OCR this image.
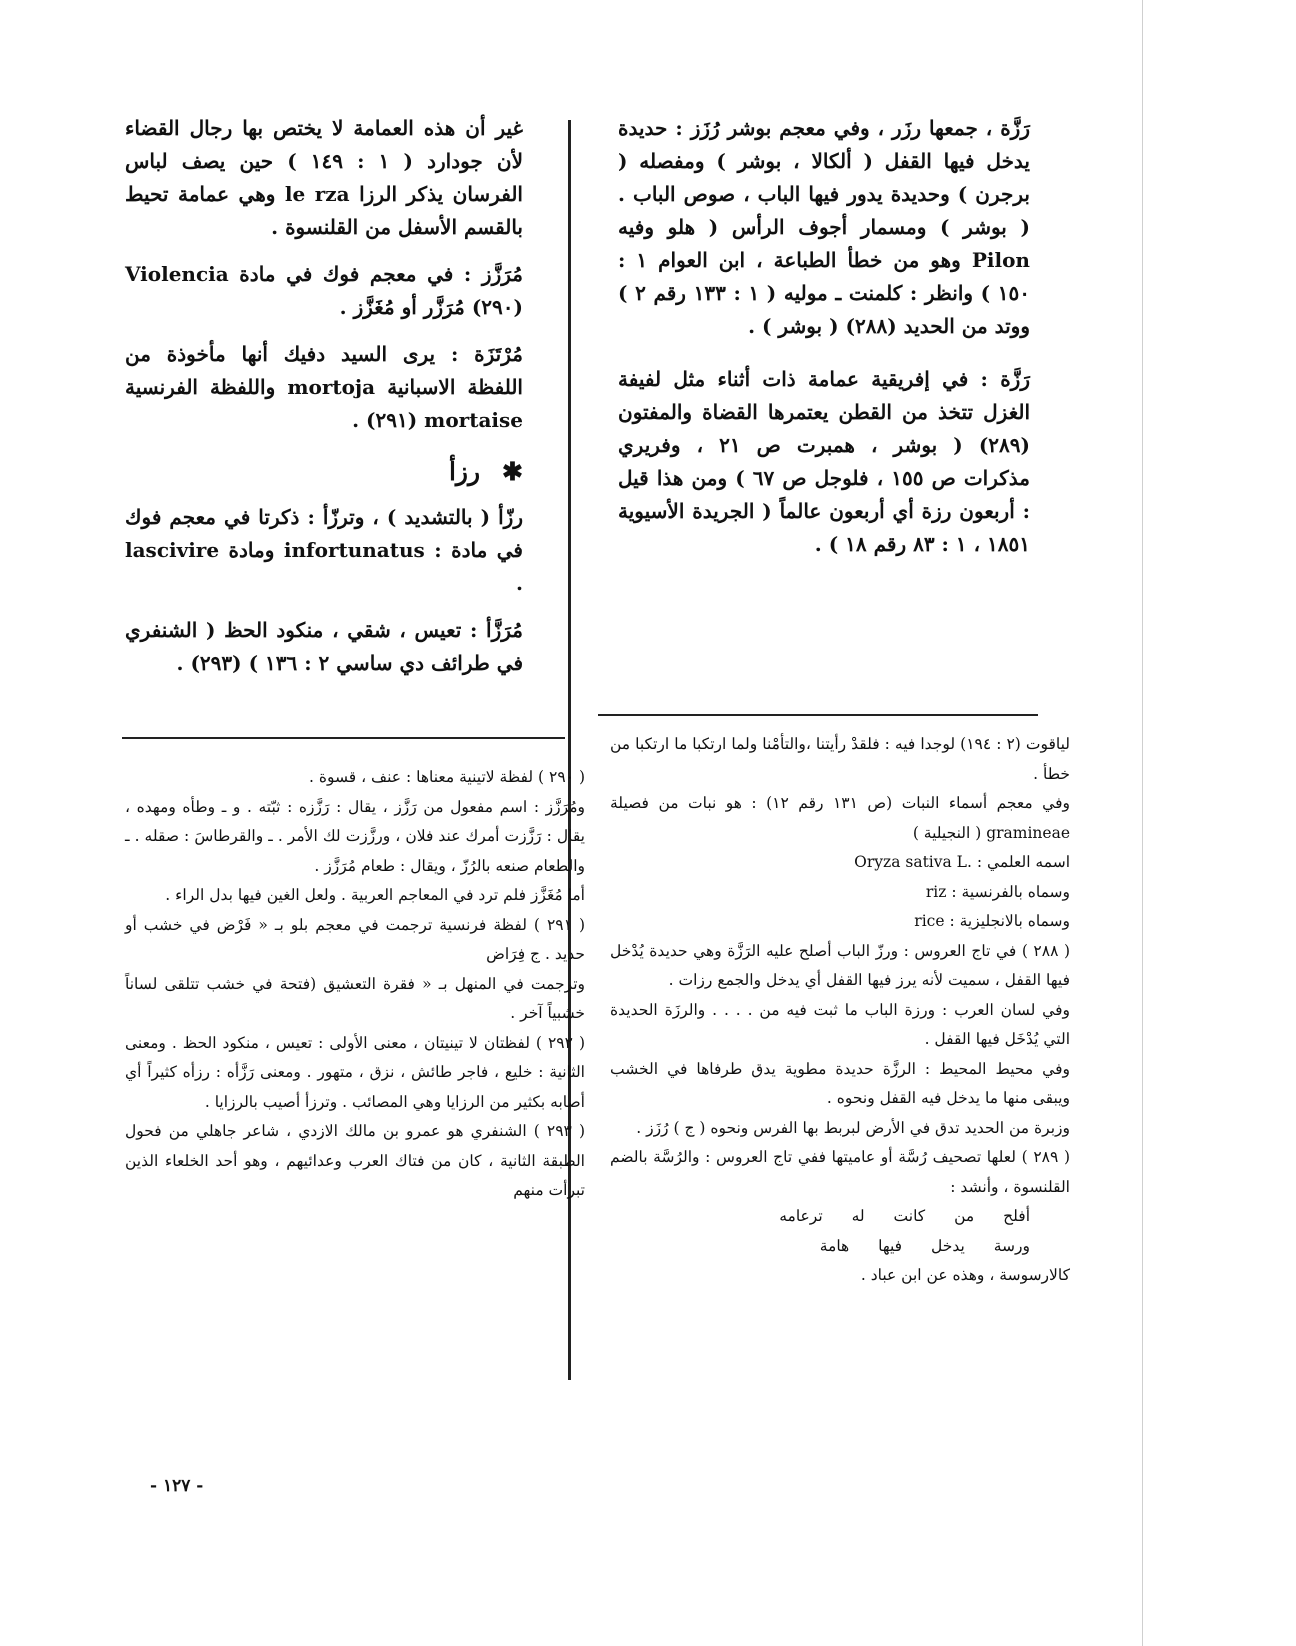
رَزَّة ، جمعها رزَر ، وفي معجم بوشر رُزَز : حديدة يدخل فيها القفل ( ألكالا ، بوشر ) ومفصله ( برجرن ) وحديدة يدور فيها الباب ، صوص الباب . ( بوشر ) ومسمار أجوف الرأس ( هلو وفيه Pilon وهو من خطأ الطباعة ، ابن العوام ١ : ١٥٠ ) وانظر : كلمنت ـ موليه ( ١ : ١٣٣ رقم ٢ ) ووتد من الحديد (٢٨٨) ( بوشر ) .

رَزَّة : في إفريقية عمامة ذات أثناء مثل لفيفة الغزل تتخذ من القطن يعتمرها القضاة والمفتون (٢٨٩) ( بوشر ، همبرت ص ٢١ ، وفريري مذكرات ص ١٥٥ ، فلوجل ص ٦٧ ) ومن هذا قيل : أربعون رزة أي أربعون عالماً ( الجريدة الأسيوية ١٨٥١ ، ١ : ٨٣ رقم ١٨ ) .

غير أن هذه العمامة لا يختص بها رجال القضاء لأن جودارد ( ١ : ١٤٩ ) حين يصف لباس الفرسان يذكر الرزا le rza وهي عمامة تحيط بالقسم الأسفل من القلنسوة .

مُرَزَّز : في معجم فوك في مادة Violencia (٢٩٠) مُرَزَّر أو مُغَزَّز .

مُرْتَزَة : يرى السيد دفيك أنها مأخوذة من اللفظة الاسبانية mortoja واللفظة الفرنسية mortaise (٢٩١) .

✱رزأ

رزّأ ( بالتشديد ) ، وترزّأ : ذكرتا في معجم فوك في مادة : infortunatus ومادة lascivire .

مُرَزَّأ : تعيس ، شقي ، منكود الحظ ( الشنفري في طرائف دي ساسي ٢ : ١٣٦ ) (٢٩٣) .

لياقوت (٢ : ١٩٤) لوجدا فيه : فلقدْ رأيتنا ،والتأمْنا ولما ارتكبا ما ارتكبا من خطأ .

وفي معجم أسماء النبات (ص ١٣١ رقم ١٢) : هو نبات من فصيلة gramineae ( النجيلية )

اسمه العلمي : .Oryza sativa L

وسماه بالفرنسية : riz

وسماه بالانجليزية : rice

( ٢٨٨ ) في تاج العروس : ورزّ الباب أصلح عليه الرَزَّة وهي حديدة يُدْخل فيها القفل ، سميت لأنه يرز فيها القفل أي يدخل والجمع رزات .

وفي لسان العرب : ورزة الباب ما ثبت فيه من . . . . والرزَة الحديدة التي يُدْخَل فيها القفل .

وفي محيط المحيط : الرزَّة حديدة مطوية يدق طرفاها في الخشب ويبقى منها ما يدخل فيه القفل ونحوه .

وزبرة من الحديد تدق في الأرض لبربط بها الفرس ونحوه ( ج ) رُزَز .

( ٢٨٩ ) لعلها تصحيف رُسَّة أو عاميتها ففي تاج العروس : والرُسَّة بالضم القلنسوة ، وأنشد :

أفلح من كانت له ترعامه

ورسة يدخل فيها هامة

كالارسوسة ، وهذه عن ابن عباد .

( ٢٩٠ ) لفظة لاتينية معناها : عنف ، قسوة .

ومُرَزَّز : اسم مفعول من رَزَّز ، يقال : رَزَّزه : ثبّته . و ـ وطأه ومهده ، يقال : رَزَّزت أمرك عند فلان ، ورزَّزت لك الأمر . ـ والقرطاسَ : صقله . ـ والطعام صنعه بالرُزّ ، ويقال : طعام مُرَزَّز .

أما مُغَزَّز فلم ترد في المعاجم العربية . ولعل الغين فيها بدل الراء .

( ٢٩١ ) لفظة فرنسية ترجمت في معجم بلو بـ « فَرْض في خشب أو حديد . ج فِرَاض

وترجمت في المنهل بـ « فقرة التعشيق (فتحة في خشب تتلقى لساناً خشبياً آخر .

( ٢٩٢ ) لفظتان لا تينيتان ، معنى الأولى : تعيس ، منكود الحظ . ومعنى الثانية : خليع ، فاجر طائش ، نزق ، متهور . ومعنى رَزَّأه : رزأه كثيراً أي أصابه بكثير من الرزايا وهي المصائب . وترزأ أصيب بالرزايا .

( ٢٩٣ ) الشنفري هو عمرو بن مالك الازدي ، شاعر جاهلي من فحول الطبقة الثانية ، كان من فتاك العرب وعدائيهم ، وهو أحد الخلعاء الذين تبرأت منهم

- ١٢٧ -
